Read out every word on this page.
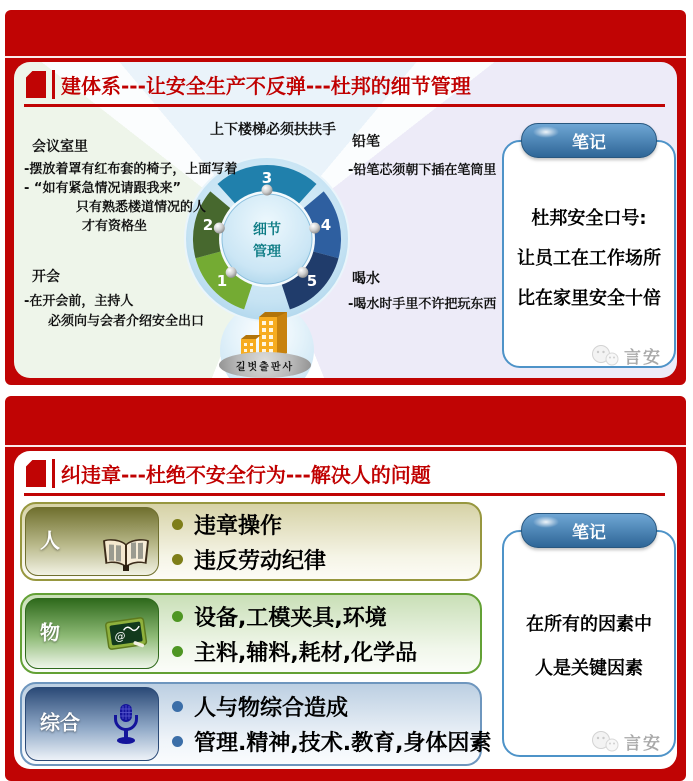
建体系---让安全生产不反弹---杜邦的细节管理
上下楼梯必须扶扶手
会议室里
-摆放着罩有红布套的椅子，上面写着
- “如有紧急情况请跟我来”
只有熟悉楼道情况的人
才有资格坐
开会
-在开会前，主持人
必须向与会者介绍安全出口
铅笔
-铅笔芯须朝下插在笔筒里
喝水
-喝水时手里不许把玩东西
细节
管理
1
2
3
4
5
길벗출판사
笔记
杜邦安全口号:
让员工在工作场所
比在家里安全十倍
言安
纠违章---杜绝不安全行为---解决人的问题
人
违章操作
违反劳动纪律
物	@
设备,工模夹具,环境
主料,辅料,耗材,化学品
综合
人与物综合造成
管理.精神,技术.教育,身体因素
笔记
在所有的因素中
人是关键因素
言安
